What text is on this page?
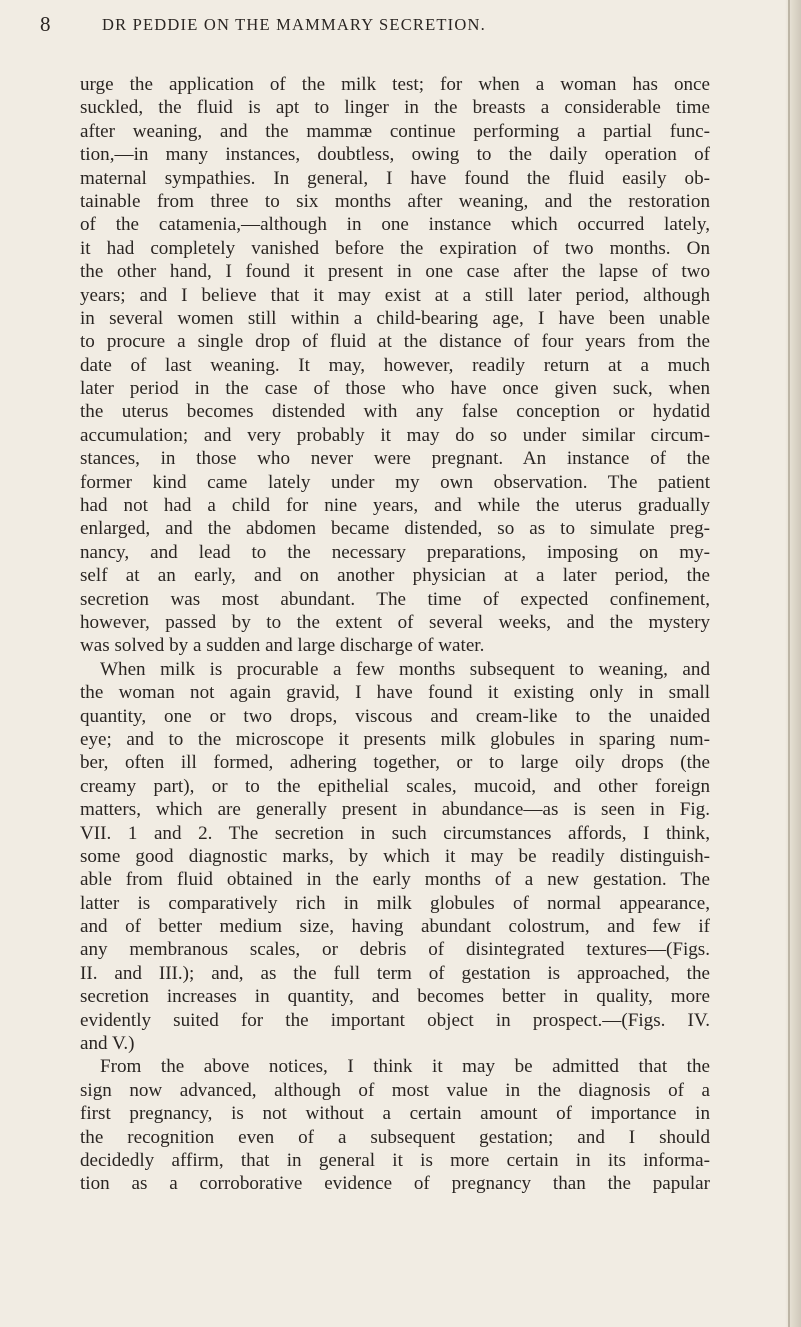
8	DR PEDDIE ON THE MAMMARY SECRETION.
urge the application of the milk test; for when a woman has once
suckled, the fluid is apt to linger in the breasts a considerable time
after weaning, and the mammæ continue performing a partial func-
tion,—in many instances, doubtless, owing to the daily operation of
maternal sympathies. In general, I have found the fluid easily ob-
tainable from three to six months after weaning, and the restoration
of the catamenia,—although in one instance which occurred lately,
it had completely vanished before the expiration of two months. On
the other hand, I found it present in one case after the lapse of two
years; and I believe that it may exist at a still later period, although
in several women still within a child-bearing age, I have been unable
to procure a single drop of fluid at the distance of four years from the
date of last weaning. It may, however, readily return at a much
later period in the case of those who have once given suck, when
the uterus becomes distended with any false conception or hydatid
accumulation; and very probably it may do so under similar circum-
stances, in those who never were pregnant. An instance of the
former kind came lately under my own observation. The patient
had not had a child for nine years, and while the uterus gradually
enlarged, and the abdomen became distended, so as to simulate preg-
nancy, and lead to the necessary preparations, imposing on my-
self at an early, and on another physician at a later period, the
secretion was most abundant. The time of expected confinement,
however, passed by to the extent of several weeks, and the mystery
was solved by a sudden and large discharge of water.
When milk is procurable a few months subsequent to weaning, and
the woman not again gravid, I have found it existing only in small
quantity, one or two drops, viscous and cream-like to the unaided
eye; and to the microscope it presents milk globules in sparing num-
ber, often ill formed, adhering together, or to large oily drops (the
creamy part), or to the epithelial scales, mucoid, and other foreign
matters, which are generally present in abundance—as is seen in Fig.
VII. 1 and 2. The secretion in such circumstances affords, I think,
some good diagnostic marks, by which it may be readily distinguish-
able from fluid obtained in the early months of a new gestation. The
latter is comparatively rich in milk globules of normal appearance,
and of better medium size, having abundant colostrum, and few if
any membranous scales, or debris of disintegrated textures—(Figs.
II. and III.); and, as the full term of gestation is approached, the
secretion increases in quantity, and becomes better in quality, more
evidently suited for the important object in prospect.—(Figs. IV.
and V.)
From the above notices, I think it may be admitted that the
sign now advanced, although of most value in the diagnosis of a
first pregnancy, is not without a certain amount of importance in
the recognition even of a subsequent gestation; and I should
decidedly affirm, that in general it is more certain in its informa-
tion as a corroborative evidence of pregnancy than the papular
